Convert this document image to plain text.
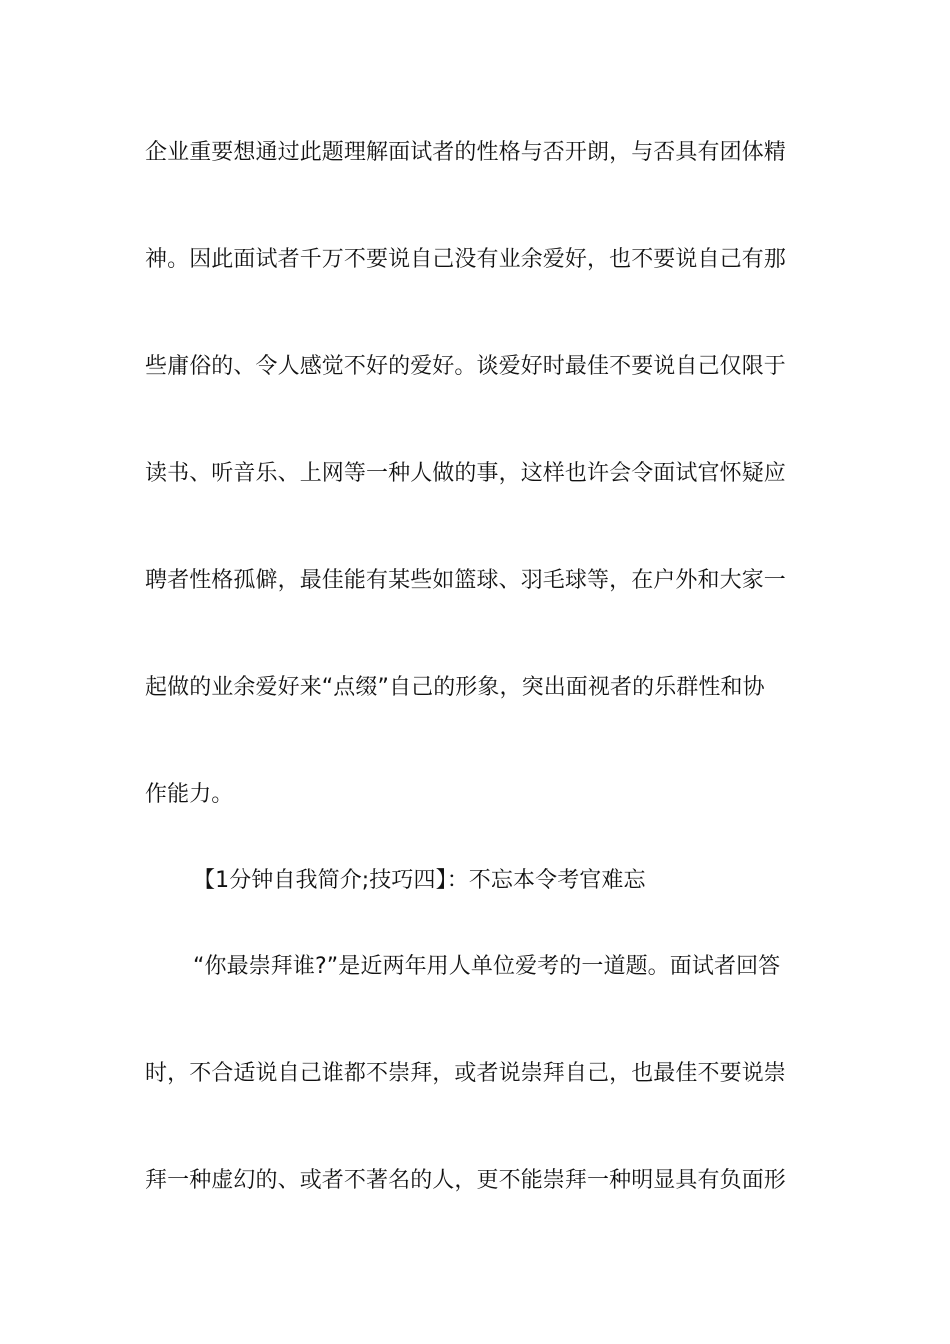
企业重要想通过此题理解面试者的性格与否开朗，与否具有团体精
神。因此面试者千万不要说自己没有业余爱好，也不要说自己有那
些庸俗的、令人感觉不好的爱好。谈爱好时最佳不要说自己仅限于
读书、听音乐、上网等一种人做的事，这样也许会令面试官怀疑应
聘者性格孤僻，最佳能有某些如篮球、羽毛球等，在户外和大家一
起做的业余爱好来“点缀”自己的形象，突出面视者的乐群性和协
作能力。
【1分钟自我简介;技巧四】：不忘本令考官难忘
“你最崇拜谁?”是近两年用人单位爱考的一道题。面试者回答
时，不合适说自己谁都不崇拜，或者说崇拜自己，也最佳不要说崇
拜一种虚幻的、或者不著名的人，更不能崇拜一种明显具有负面形
